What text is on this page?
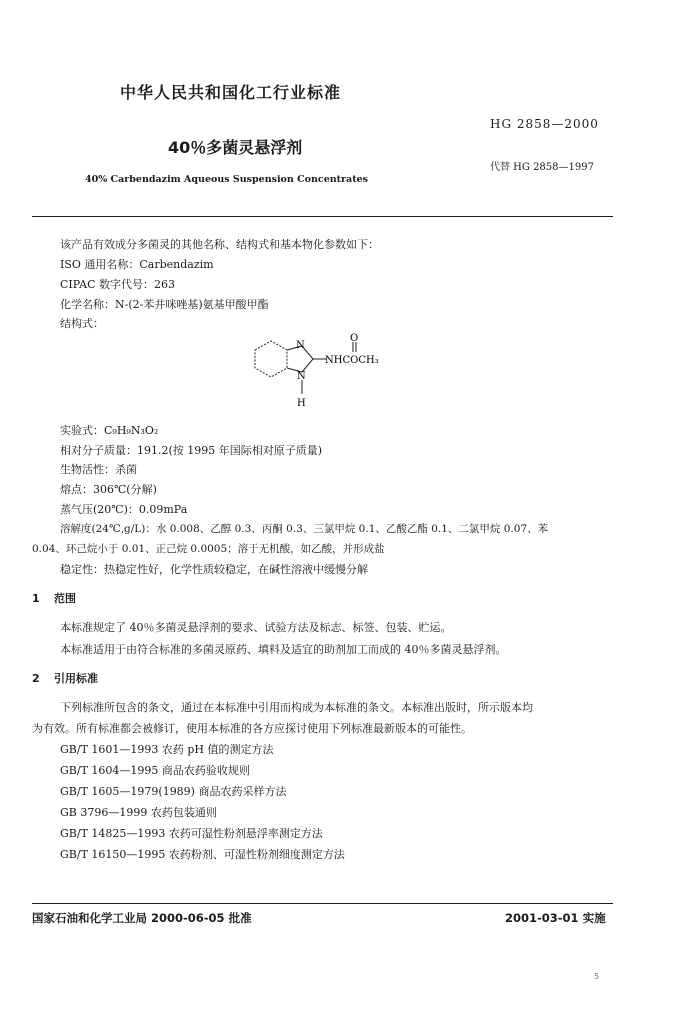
中华人民共和国化工行业标准
HG 2858—2000
40％多菌灵悬浮剂
代替 HG 2858—1997
40% Carbendazim Aqueous Suspension Concentrates
该产品有效成分多菌灵的其他名称、结构式和基本物化参数如下：
ISO 通用名称：Carbendazim
CIPAC 数字代号：263
化学名称：N-(2-苯并咪唑基)氨基甲酸甲酯
结构式：
N
O
NHCOCH₃
N
H
实验式：C₉H₉N₃O₂
相对分子质量：191.2(按 1995 年国际相对原子质量)
生物活性：杀菌
熔点：306℃(分解)
蒸气压(20℃)：0.09mPa
溶解度(24℃,g/L)：水 0.008、乙醇 0.3、丙酮 0.3、三氯甲烷 0.1、乙酸乙酯 0.1、二氯甲烷 0.07、苯
0.04、环己烷小于 0.01、正己烷 0.0005；溶于无机酸，如乙酸，并形成盐
稳定性：热稳定性好，化学性质较稳定，在碱性溶液中缓慢分解
1 范围
本标准规定了 40％多菌灵悬浮剂的要求、试验方法及标志、标签、包装、贮运。
本标准适用于由符合标准的多菌灵原药、填料及适宜的助剂加工而成的 40％多菌灵悬浮剂。
2 引用标准
下列标准所包含的条文，通过在本标准中引用而构成为本标准的条文。本标准出版时，所示版本均
为有效。所有标准都会被修订，使用本标准的各方应探讨使用下列标准最新版本的可能性。
GB/T 1601—1993 农药 pH 值的测定方法
GB/T 1604—1995 商品农药验收规则
GB/T 1605—1979(1989) 商品农药采样方法
GB 3796—1999 农药包装通则
GB/T 14825—1993 农药可湿性粉剂悬浮率测定方法
GB/T 16150—1995 农药粉剂、可湿性粉剂细度测定方法
国家石油和化学工业局 2000-06-05 批准	2001-03-01 实施
5
